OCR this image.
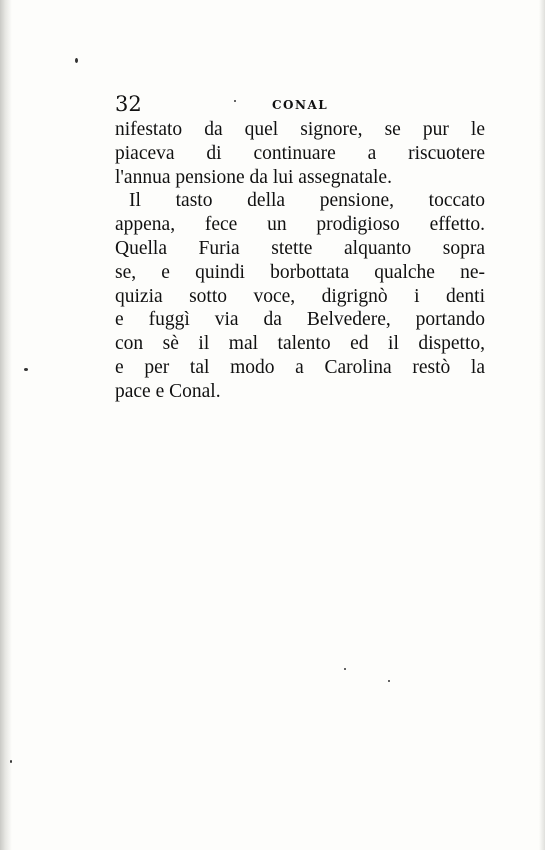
32	CONAL
nifestato da quel signore, se pur le
piaceva di continuare a riscuotere
l'annua pensione da lui assegnatale.
Il tasto della pensione, toccato
appena, fece un prodigioso effetto.
Quella Furia stette alquanto sopra
se, e quindi borbottata qualche ne-
quizia sotto voce, digrignò i denti
e fuggì via da Belvedere, portando
con sè il mal talento ed il dispetto,
e per tal modo a Carolina restò la
pace e Conal.
